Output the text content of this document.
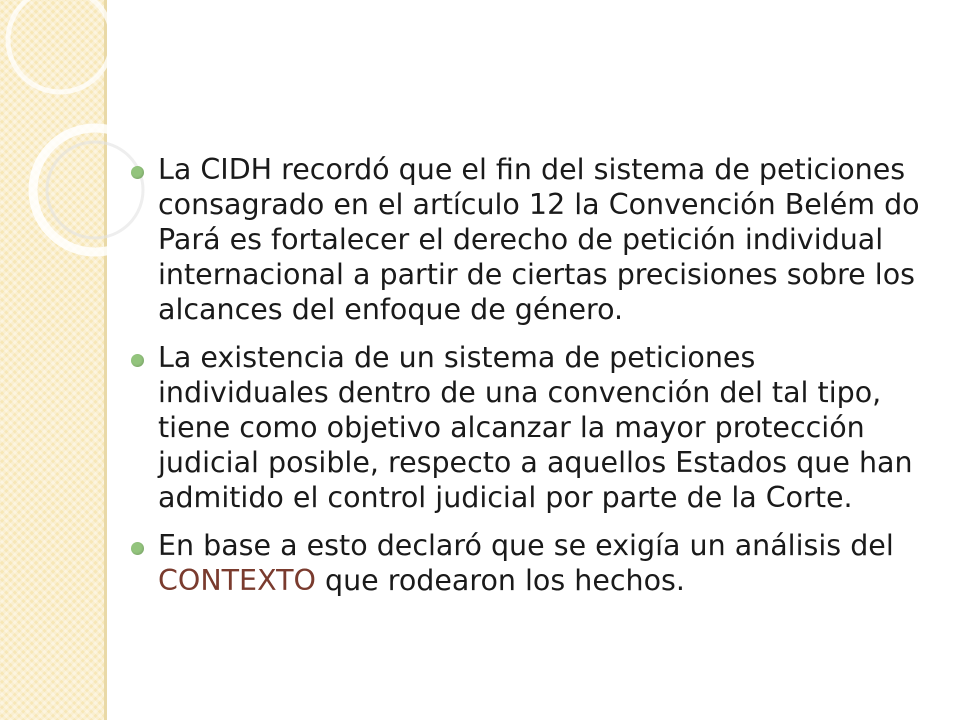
La CIDH recordó que el fin del sistema de peticiones consagrado en el artículo 12 la Convención Belém do Pará es fortalecer el derecho de petición individual internacional a partir de ciertas precisiones sobre los alcances del enfoque de género.
La existencia de un sistema de peticiones individuales dentro de una convención del tal tipo, tiene como objetivo alcanzar la mayor protección judicial posible, respecto a aquellos Estados que han admitido el control judicial por parte de la Corte.
En base a esto declaró que se exigía un análisis del CONTEXTO que rodearon los hechos.
